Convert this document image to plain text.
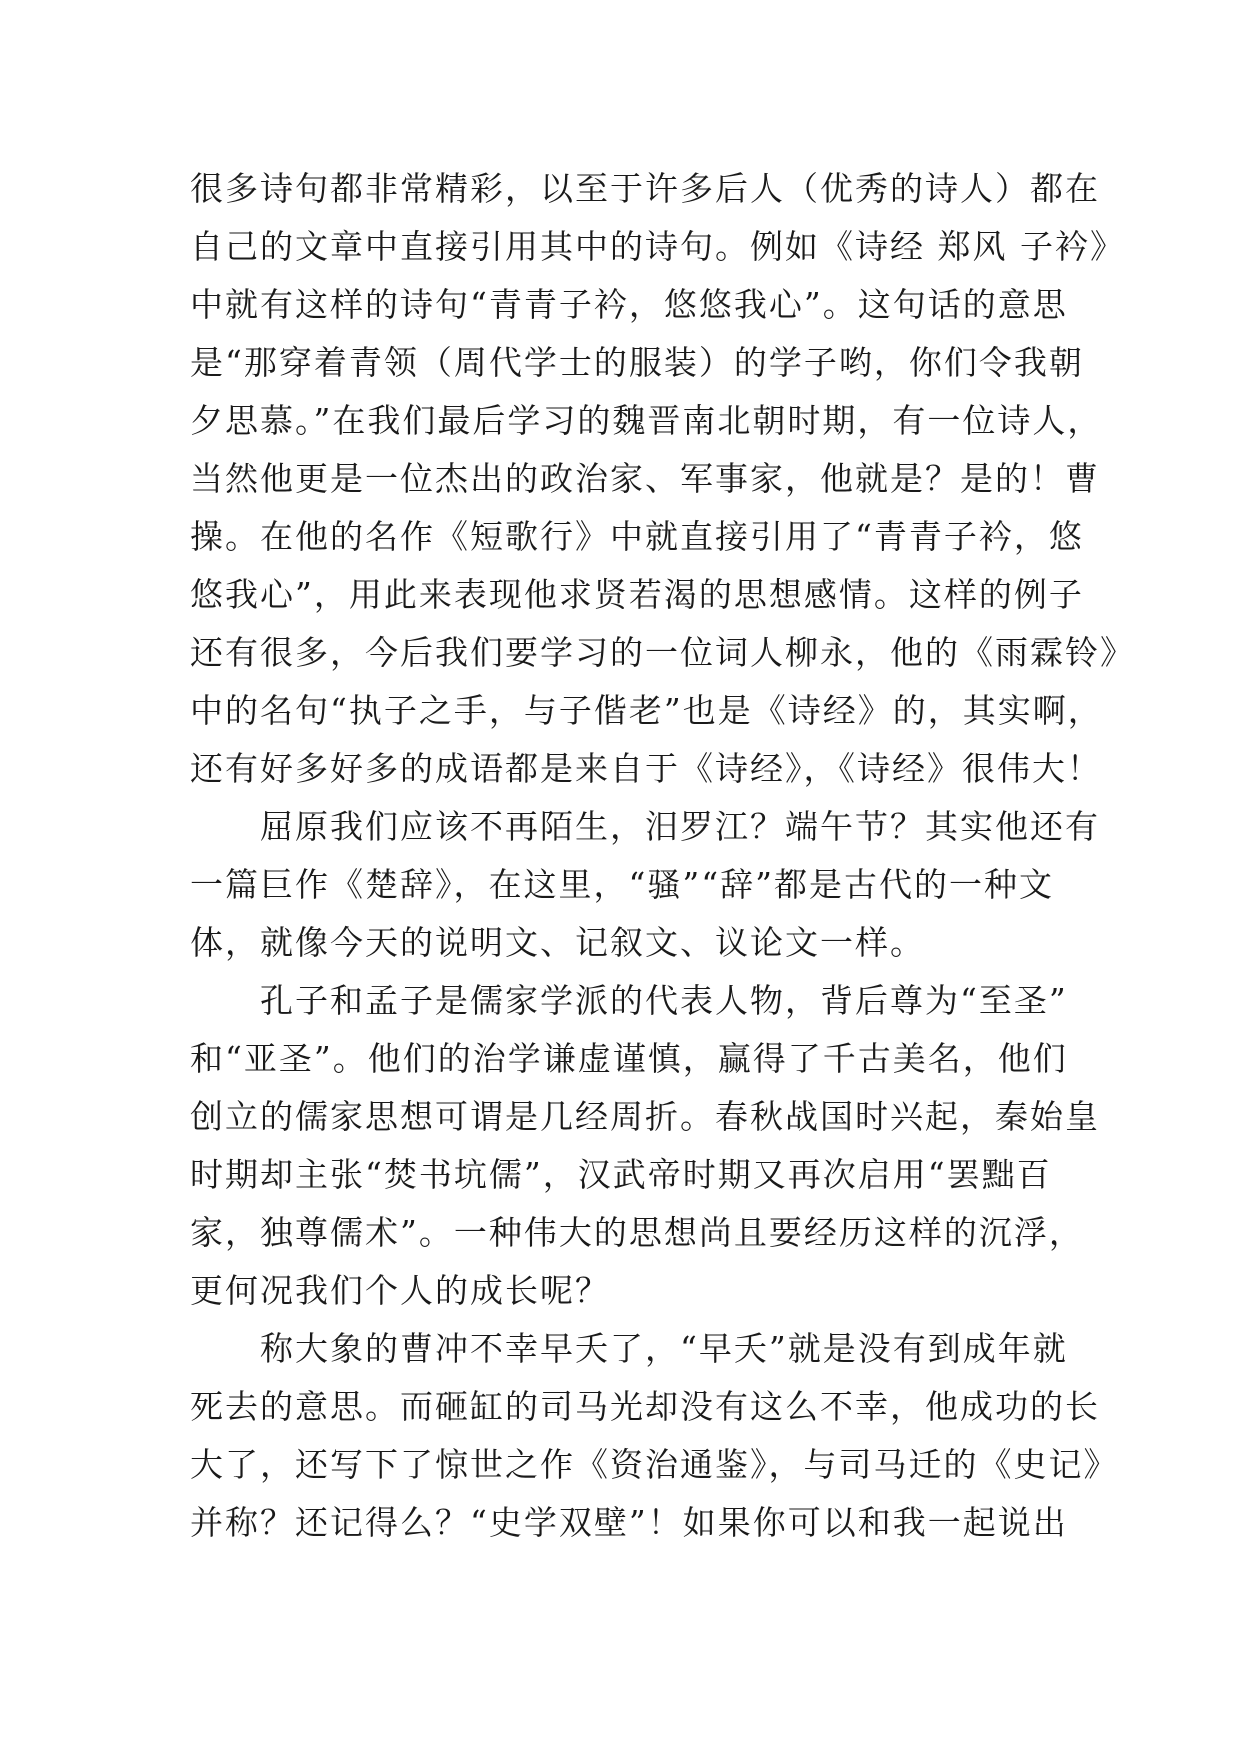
很多诗句都非常精彩，以至于许多后人（优秀的诗人）都在
自己的文章中直接引用其中的诗句。例如《诗经 郑风 子衿》
中就有这样的诗句“青青子衿，悠悠我心”。这句话的意思
是“那穿着青领（周代学士的服装）的学子哟，你们令我朝
夕思慕。”在我们最后学习的魏晋南北朝时期，有一位诗人，
当然他更是一位杰出的政治家、军事家，他就是？是的！曹
操。在他的名作《短歌行》中就直接引用了“青青子衿，悠
悠我心”，用此来表现他求贤若渴的思想感情。这样的例子
还有很多，今后我们要学习的一位词人柳永，他的《雨霖铃》
中的名句“执子之手，与子偕老”也是《诗经》的，其实啊，
还有好多好多的成语都是来自于《诗经》，《诗经》很伟大！
　　屈原我们应该不再陌生，汨罗江？端午节？其实他还有
一篇巨作《楚辞》，在这里，“骚”“辞”都是古代的一种文
体，就像今天的说明文、记叙文、议论文一样。
　　孔子和孟子是儒家学派的代表人物，背后尊为“至圣”
和“亚圣”。他们的治学谦虚谨慎，赢得了千古美名，他们
创立的儒家思想可谓是几经周折。春秋战国时兴起，秦始皇
时期却主张“焚书坑儒”，汉武帝时期又再次启用“罢黜百
家，独尊儒术”。一种伟大的思想尚且要经历这样的沉浮，
更何况我们个人的成长呢？
　　称大象的曹冲不幸早夭了，“早夭”就是没有到成年就
死去的意思。而砸缸的司马光却没有这么不幸，他成功的长
大了，还写下了惊世之作《资治通鉴》，与司马迁的《史记》
并称？还记得么？“史学双壁”！如果你可以和我一起说出
